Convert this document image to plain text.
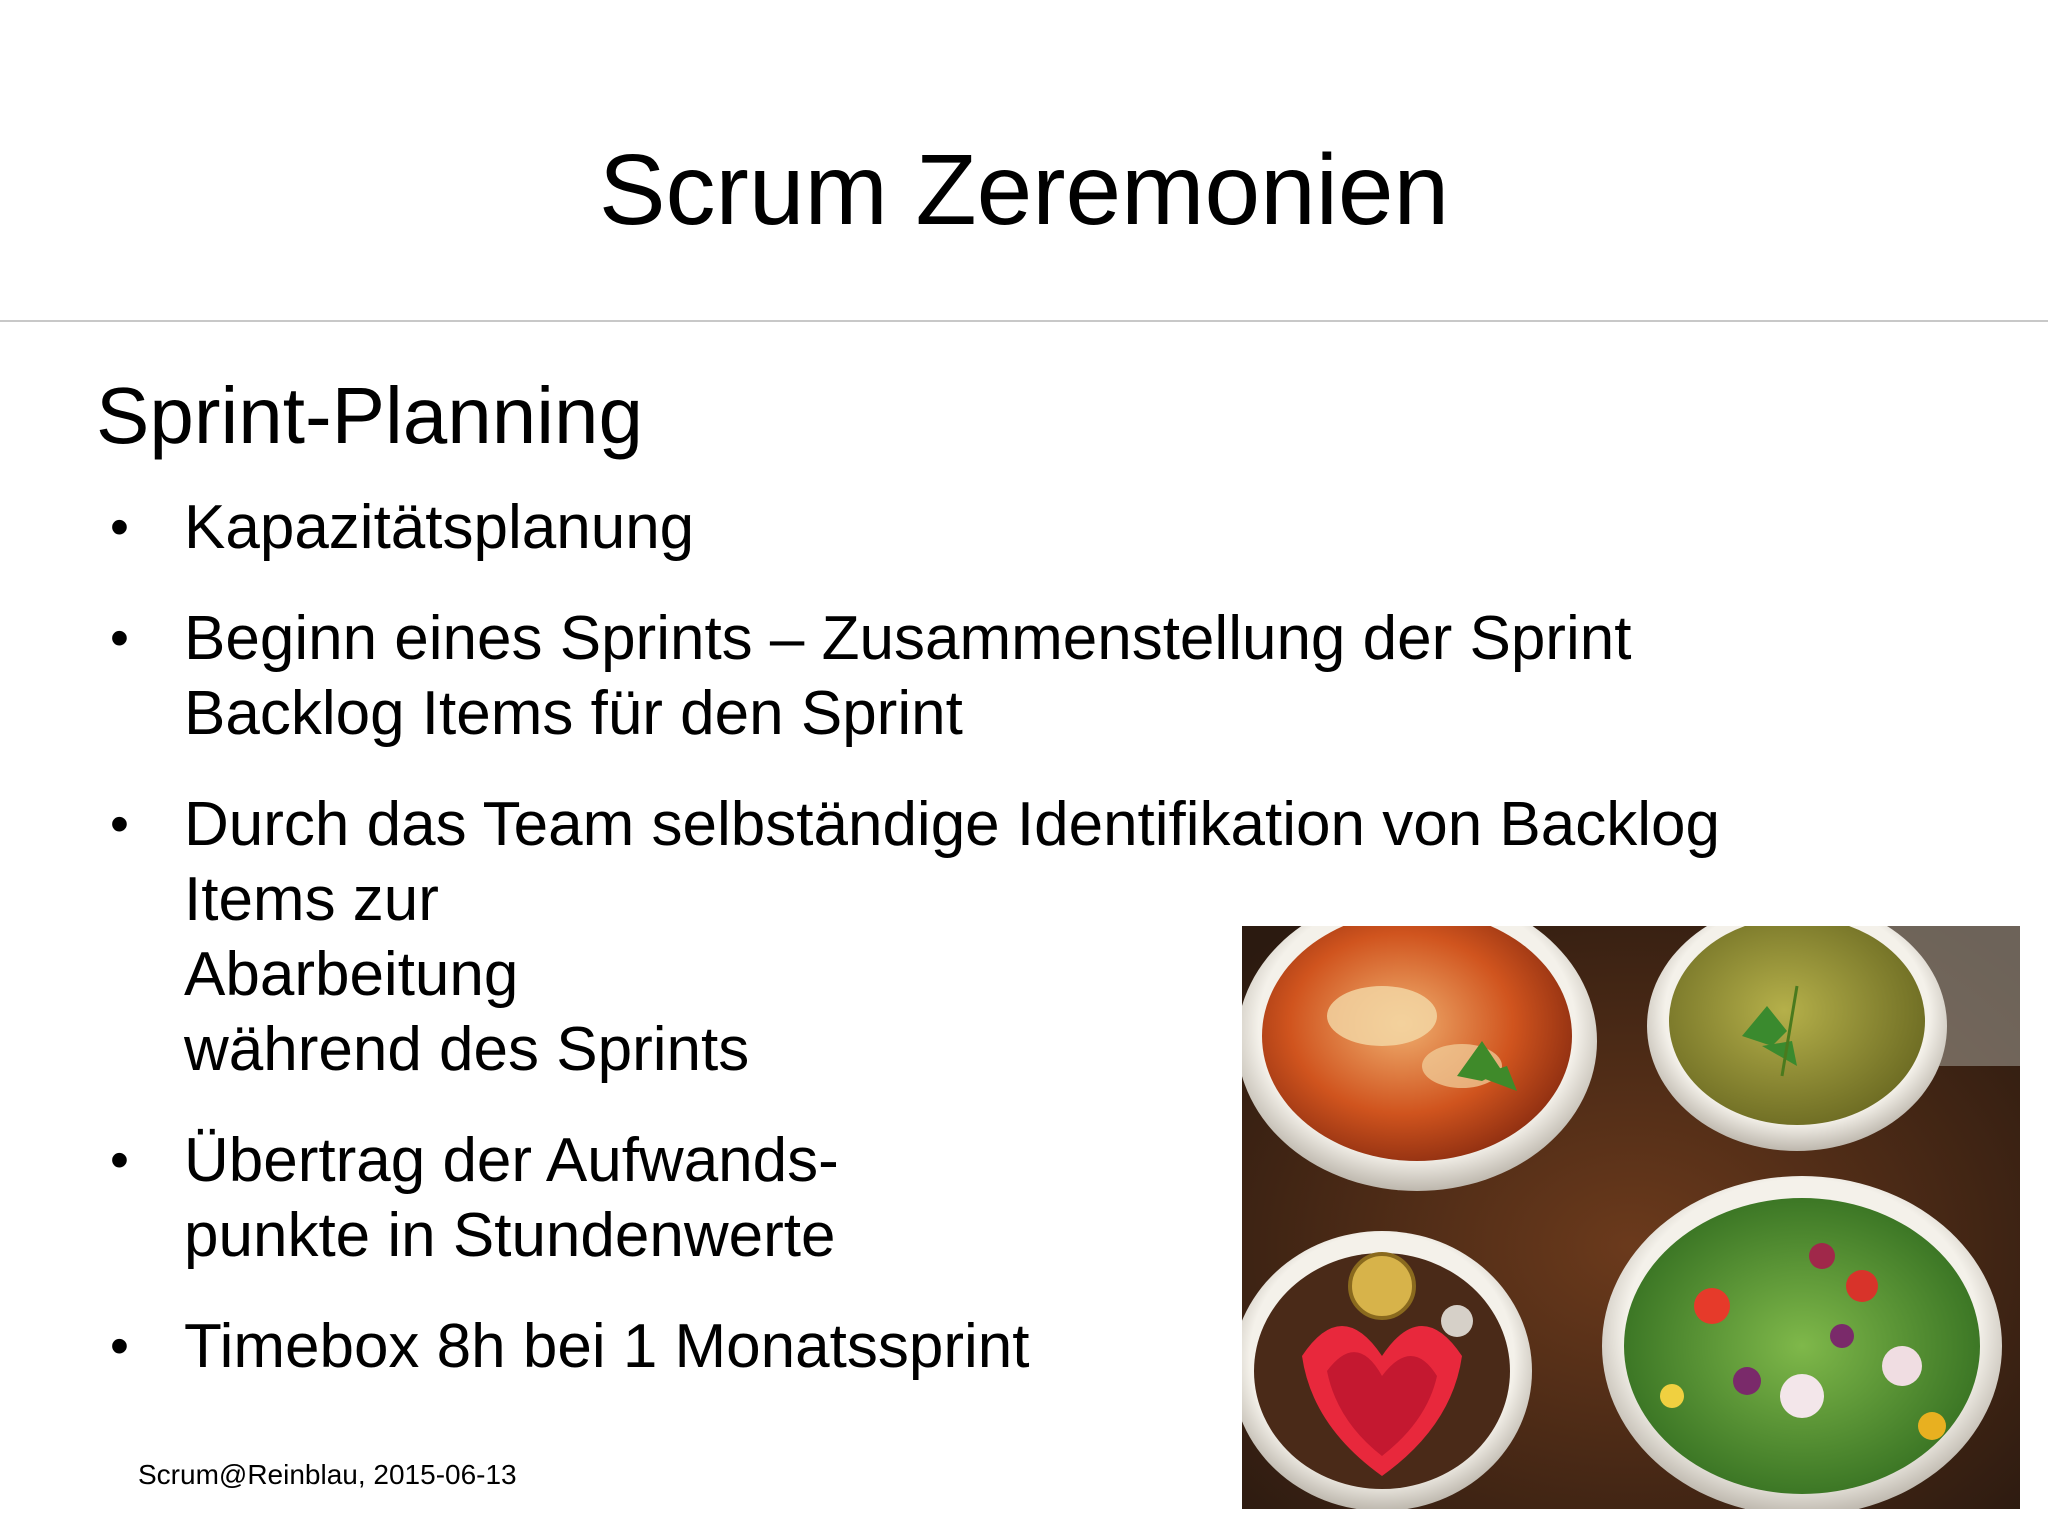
Scrum Zeremonien
Sprint-Planning
• Kapazitätsplanung
• Beginn eines Sprints – Zusammenstellung der Sprint
Backlog Items für den Sprint
• Durch das Team selbständige Identifikation von Backlog
Items zur
Abarbeitung
während des Sprints
• Übertrag der Aufwands-
punkte in Stundenwerte
• Timebox 8h bei 1 Monatssprint
Scrum@Reinblau, 2015-06-13
